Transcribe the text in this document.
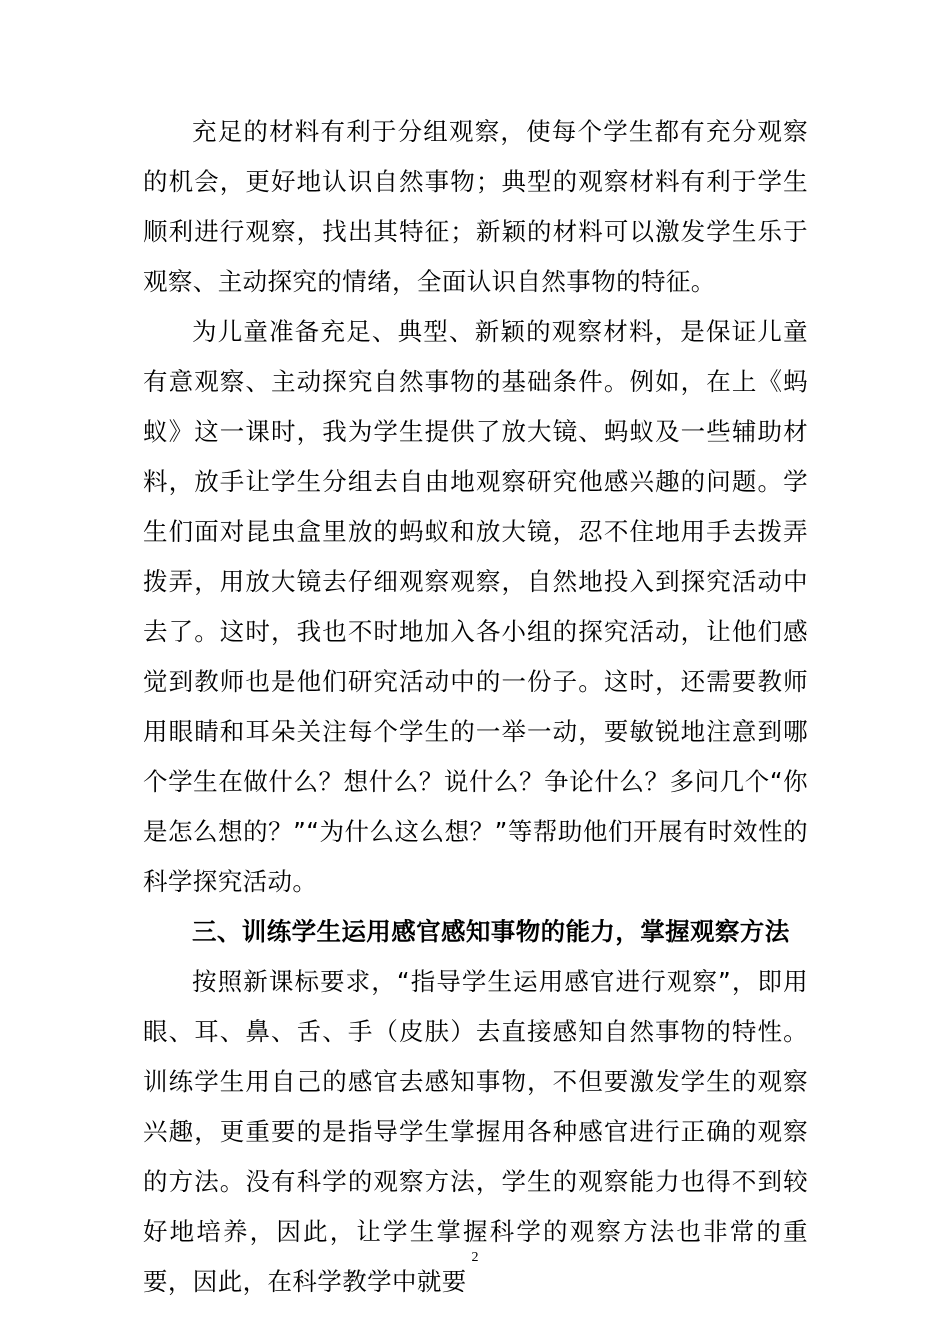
充足的材料有利于分组观察，使每个学生都有充分观察的机会，更好地认识自然事物；典型的观察材料有利于学生顺利进行观察，找出其特征；新颖的材料可以激发学生乐于观察、主动探究的情绪，全面认识自然事物的特征。

为儿童准备充足、典型、新颖的观察材料，是保证儿童有意观察、主动探究自然事物的基础条件。例如，在上《蚂蚁》这一课时，我为学生提供了放大镜、蚂蚁及一些辅助材料，放手让学生分组去自由地观察研究他感兴趣的问题。学生们面对昆虫盒里放的蚂蚁和放大镜，忍不住地用手去拨弄拨弄，用放大镜去仔细观察观察，自然地投入到探究活动中去了。这时，我也不时地加入各小组的探究活动，让他们感觉到教师也是他们研究活动中的一份子。这时，还需要教师用眼睛和耳朵关注每个学生的一举一动，要敏锐地注意到哪个学生在做什么？想什么？说什么？争论什么？多问几个“你是怎么想的？”“为什么这么想？”等帮助他们开展有时效性的科学探究活动。

三、训练学生运用感官感知事物的能力，掌握观察方法

按照新课标要求，“指导学生运用感官进行观察”，即用眼、耳、鼻、舌、手（皮肤）去直接感知自然事物的特性。训练学生用自己的感官去感知事物，不但要激发学生的观察兴趣，更重要的是指导学生掌握用各种感官进行正确的观察的方法。没有科学的观察方法，学生的观察能力也得不到较好地培养，因此，让学生掌握科学的观察方法也非常的重要，因此，在科学教学中就要

2
